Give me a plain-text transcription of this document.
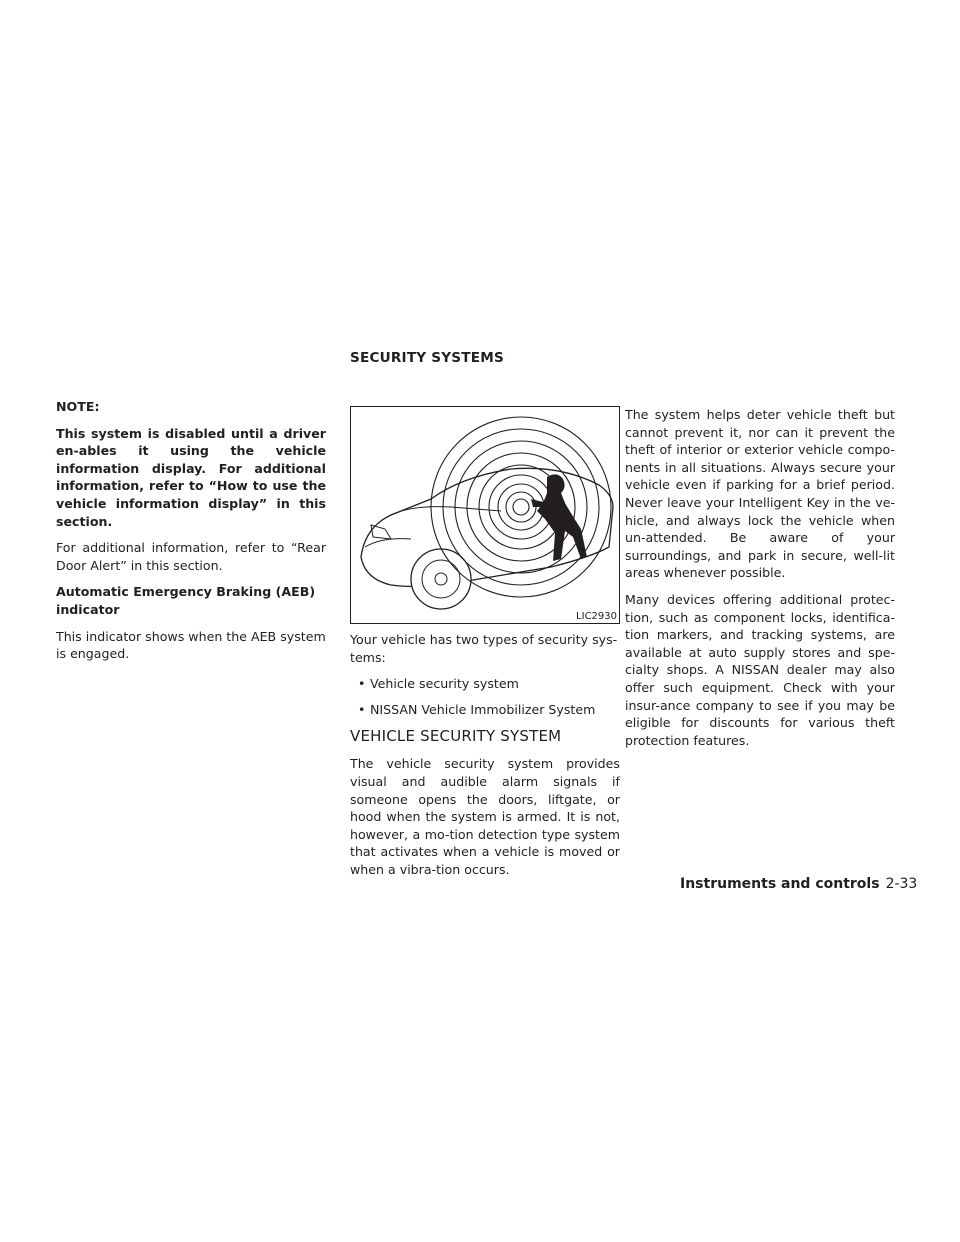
SECURITY SYSTEMS

NOTE:

This system is disabled until a driver en-ables it using the vehicle information display. For additional information, refer to “How to use the vehicle information display” in this section.

For additional information, refer to “Rear Door Alert” in this section.

Automatic Emergency Braking (AEB) indicator

This indicator shows when the AEB system is engaged.

LIC2930

Your vehicle has two types of security sys-tems:

• Vehicle security system
• NISSAN Vehicle Immobilizer System
VEHICLE SECURITY SYSTEM

The vehicle security system provides visual and audible alarm signals if someone opens the doors, liftgate, or hood when the system is armed. It is not, however, a mo-tion detection type system that activates when a vehicle is moved or when a vibra-tion occurs.

The system helps deter vehicle theft but cannot prevent it, nor can it prevent the theft of interior or exterior vehicle compo-nents in all situations. Always secure your vehicle even if parking for a brief period. Never leave your Intelligent Key in the ve-hicle, and always lock the vehicle when un-attended. Be aware of your surroundings, and park in secure, well-lit areas whenever possible.

Many devices offering additional protec-tion, such as component locks, identifica-tion markers, and tracking systems, are available at auto supply stores and spe-cialty shops. A NISSAN dealer may also offer such equipment. Check with your insur-ance company to see if you may be eligible for discounts for various theft protection features.

Instruments and controls 2-33
